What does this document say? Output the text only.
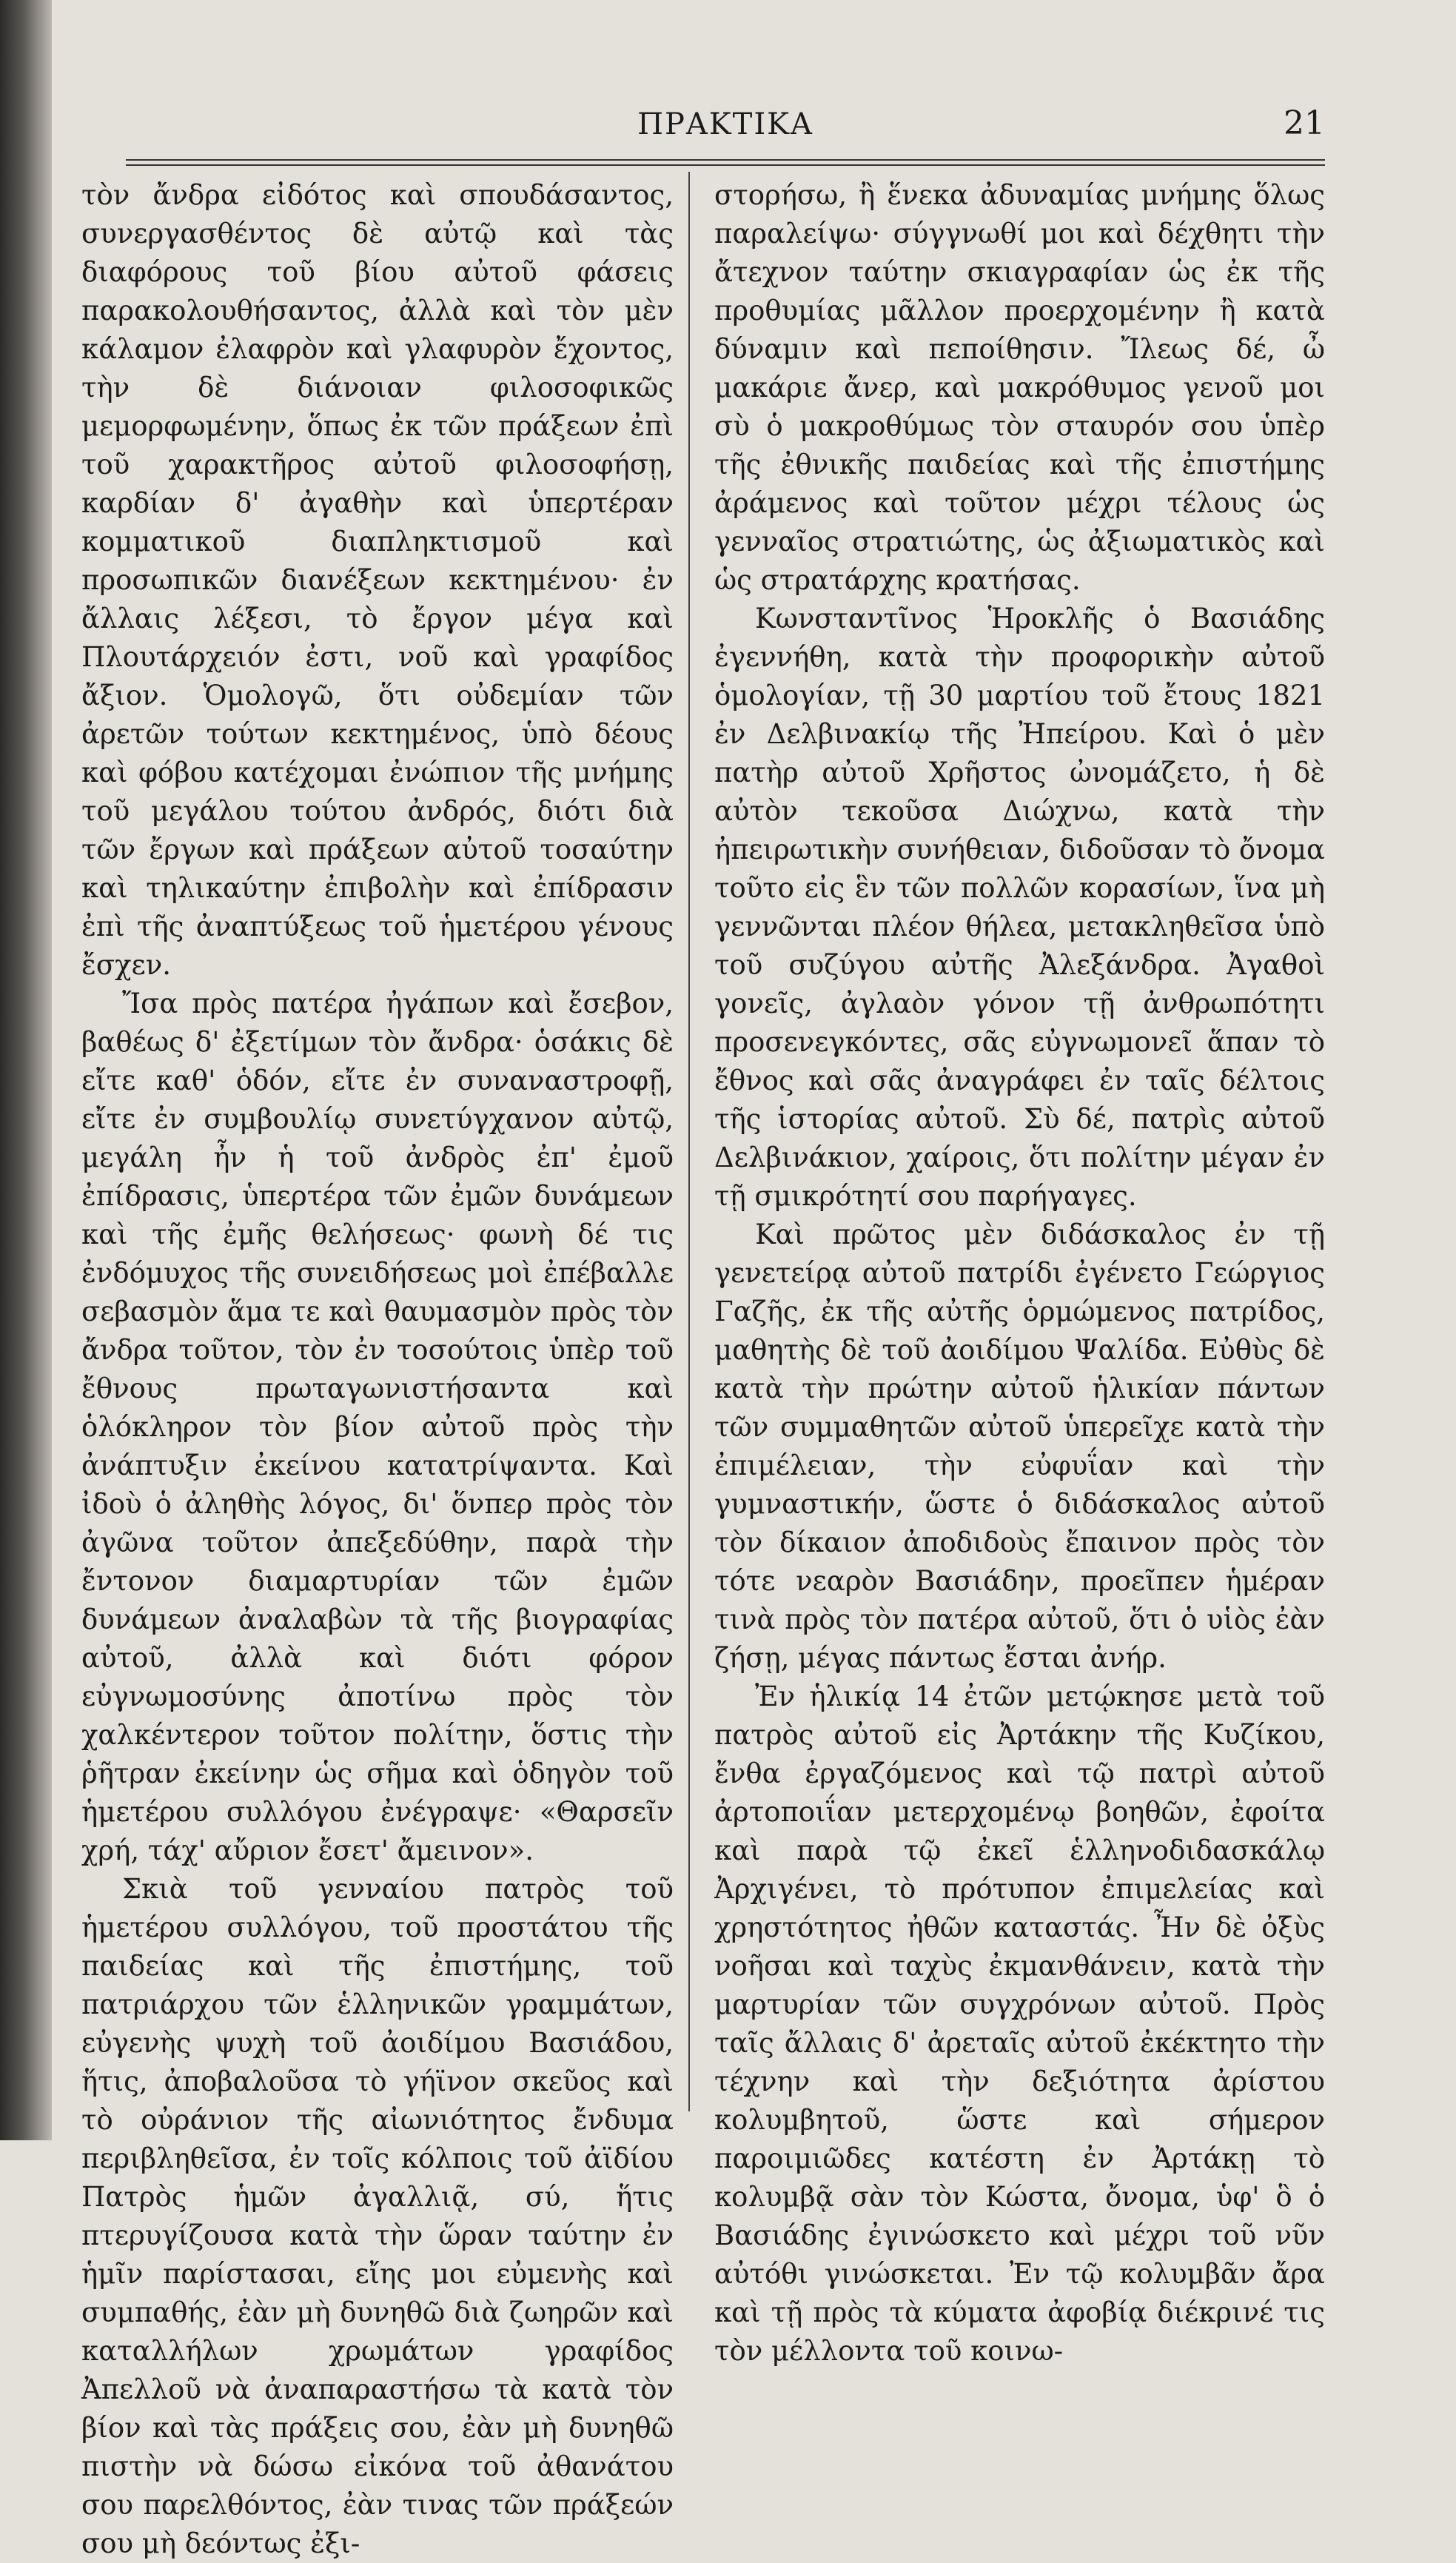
ΠΡΑΚΤΙΚΑ	21

τὸν ἄνδρα εἰδότος καὶ σπουδάσαντος, συνεργασθέντος δὲ αὐτῷ καὶ τὰς διαφόρους τοῦ βίου αὐτοῦ φάσεις παρακολουθήσαντος, ἀλλὰ καὶ τὸν μὲν κάλαμον ἐλαφρὸν καὶ γλαφυρὸν ἔχοντος, τὴν δὲ διάνοιαν φιλοσοφικῶς μεμορφωμένην, ὅπως ἐκ τῶν πράξεων ἐπὶ τοῦ χαρακτῆρος αὐτοῦ φιλοσοφήσῃ, καρδίαν δ' ἀγαθὴν καὶ ὑπερτέραν κομματικοῦ διαπληκτισμοῦ καὶ προσωπικῶν διανέξεων κεκτημένου· ἐν ἄλλαις λέξεσι, τὸ ἔργον μέγα καὶ Πλουτάρχειόν ἐστι, νοῦ καὶ γραφίδος ἄξιον. Ὁμολογῶ, ὅτι οὐδεμίαν τῶν ἀρετῶν τούτων κεκτημένος, ὑπὸ δέους καὶ φόβου κατέχομαι ἐνώπιον τῆς μνήμης τοῦ μεγάλου τούτου ἀνδρός, διότι διὰ τῶν ἔργων καὶ πράξεων αὐτοῦ τοσαύτην καὶ τηλικαύτην ἐπιβολὴν καὶ ἐπίδρασιν ἐπὶ τῆς ἀναπτύξεως τοῦ ἡμετέρου γένους ἔσχεν.

Ἴσα πρὸς πατέρα ἠγάπων καὶ ἔσεβον, βαθέως δ' ἐξετίμων τὸν ἄνδρα· ὁσάκις δὲ εἴτε καθ' ὁδόν, εἴτε ἐν συναναστροφῇ, εἴτε ἐν συμβουλίῳ συνετύγχανον αὐτῷ, μεγάλη ἦν ἡ τοῦ ἀνδρὸς ἐπ' ἐμοῦ ἐπίδρασις, ὑπερτέρα τῶν ἐμῶν δυνάμεων καὶ τῆς ἐμῆς θελήσεως· φωνὴ δέ τις ἐνδόμυχος τῆς συνειδήσεως μοὶ ἐπέβαλλε σεβασμὸν ἅμα τε καὶ θαυμασμὸν πρὸς τὸν ἄνδρα τοῦτον, τὸν ἐν τοσούτοις ὑπὲρ τοῦ ἔθνους πρωταγωνιστήσαντα καὶ ὁλόκληρον τὸν βίον αὐτοῦ πρὸς τὴν ἀνάπτυξιν ἐκείνου κατατρίψαντα. Καὶ ἰδοὺ ὁ ἀληθὴς λόγος, δι' ὅνπερ πρὸς τὸν ἀγῶνα τοῦτον ἀπεξεδύθην, παρὰ τὴν ἔντονον διαμαρτυρίαν τῶν ἐμῶν δυνάμεων ἀναλαβὼν τὰ τῆς βιογραφίας αὐτοῦ, ἀλλὰ καὶ διότι φόρον εὐγνωμοσύνης ἀποτίνω πρὸς τὸν χαλκέντερον τοῦτον πολίτην, ὅστις τὴν ῥῆτραν ἐκείνην ὡς σῆμα καὶ ὁδηγὸν τοῦ ἡμετέρου συλλόγου ἐνέγραψε· «Θαρσεῖν χρή, τάχ' αὔριον ἔσετ' ἄμεινον».

Σκιὰ τοῦ γενναίου πατρὸς τοῦ ἡμετέρου συλλόγου, τοῦ προστάτου τῆς παιδείας καὶ τῆς ἐπιστήμης, τοῦ πατριάρχου τῶν ἑλληνικῶν γραμμάτων, εὐγενὴς ψυχὴ τοῦ ἀοιδίμου Βασιάδου, ἥτις, ἀποβαλοῦσα τὸ γήϊνον σκεῦος καὶ τὸ οὐράνιον τῆς αἰωνιότητος ἔνδυμα περιβληθεῖσα, ἐν τοῖς κόλποις τοῦ ἀϊδίου Πατρὸς ἡμῶν ἀγαλλιᾷ, σύ, ἥτις πτερυγίζουσα κατὰ τὴν ὥραν ταύτην ἐν ἡμῖν παρίστασαι, εἴης μοι εὐμενὴς καὶ συμπαθής, ἐὰν μὴ δυνηθῶ διὰ ζωηρῶν καὶ καταλλήλων χρωμάτων γραφίδος Ἀπελλοῦ νὰ ἀναπαραστήσω τὰ κατὰ τὸν βίον καὶ τὰς πράξεις σου, ἐὰν μὴ δυνηθῶ πιστὴν νὰ δώσω εἰκόνα τοῦ ἀθανάτου σου παρελθόντος, ἐὰν τινας τῶν πράξεών σου μὴ δεόντως ἐξι-

στορήσω, ἢ ἕνεκα ἀδυναμίας μνήμης ὅλως παραλείψω· σύγγνωθί μοι καὶ δέχθητι τὴν ἄτεχνον ταύτην σκιαγραφίαν ὡς ἐκ τῆς προθυμίας μᾶλλον προερχομένην ἢ κατὰ δύναμιν καὶ πεποίθησιν. Ἴλεως δέ, ὦ μακάριε ἄνερ, καὶ μακρόθυμος γενοῦ μοι σὺ ὁ μακροθύμως τὸν σταυρόν σου ὑπὲρ τῆς ἐθνικῆς παιδείας καὶ τῆς ἐπιστήμης ἀράμενος καὶ τοῦτον μέχρι τέλους ὡς γενναῖος στρατιώτης, ὡς ἀξιωματικὸς καὶ ὡς στρατάρχης κρατήσας.

Κωνσταντῖνος Ἡροκλῆς ὁ Βασιάδης ἐγεννήθη, κατὰ τὴν προφορικὴν αὐτοῦ ὁμολογίαν, τῇ 30 μαρτίου τοῦ ἔτους 1821 ἐν Δελβινακίῳ τῆς Ἠπείρου. Καὶ ὁ μὲν πατὴρ αὐτοῦ Χρῆστος ὠνομάζετο, ἡ δὲ αὐτὸν τεκοῦσα Διώχνω, κατὰ τὴν ἠπειρωτικὴν συνήθειαν, διδοῦσαν τὸ ὄνομα τοῦτο εἰς ἓν τῶν πολλῶν κορασίων, ἵνα μὴ γεννῶνται πλέον θήλεα, μετακληθεῖσα ὑπὸ τοῦ συζύγου αὐτῆς Ἀλεξάνδρα. Ἀγαθοὶ γονεῖς, ἀγλαὸν γόνον τῇ ἀνθρωπότητι προσενεγκόντες, σᾶς εὐγνωμονεῖ ἅπαν τὸ ἔθνος καὶ σᾶς ἀναγράφει ἐν ταῖς δέλτοις τῆς ἱστορίας αὐτοῦ. Σὺ δέ, πατρὶς αὐτοῦ Δελβινάκιον, χαίροις, ὅτι πολίτην μέγαν ἐν τῇ σμικρότητί σου παρήγαγες.

Καὶ πρῶτος μὲν διδάσκαλος ἐν τῇ γενετείρᾳ αὐτοῦ πατρίδι ἐγένετο Γεώργιος Γαζῆς, ἐκ τῆς αὐτῆς ὁρμώμενος πατρίδος, μαθητὴς δὲ τοῦ ἀοιδίμου Ψαλίδα. Εὐθὺς δὲ κατὰ τὴν πρώτην αὐτοῦ ἡλικίαν πάντων τῶν συμμαθητῶν αὐτοῦ ὑπερεῖχε κατὰ τὴν ἐπιμέλειαν, τὴν εὐφυΐαν καὶ τὴν γυμναστικήν, ὥστε ὁ διδάσκαλος αὐτοῦ τὸν δίκαιον ἀποδιδοὺς ἔπαινον πρὸς τὸν τότε νεαρὸν Βασιάδην, προεῖπεν ἡμέραν τινὰ πρὸς τὸν πατέρα αὐτοῦ, ὅτι ὁ υἱὸς ἐὰν ζήσῃ, μέγας πάντως ἔσται ἀνήρ.

Ἐν ἡλικίᾳ 14 ἐτῶν μετῴκησε μετὰ τοῦ πατρὸς αὐτοῦ εἰς Ἀρτάκην τῆς Κυζίκου, ἔνθα ἐργαζόμενος καὶ τῷ πατρὶ αὐτοῦ ἀρτοποιΐαν μετερχομένῳ βοηθῶν, ἐφοίτα καὶ παρὰ τῷ ἐκεῖ ἑλληνοδιδασκάλῳ Ἀρχιγένει, τὸ πρότυπον ἐπιμελείας καὶ χρηστότητος ἠθῶν καταστάς. Ἦν δὲ ὀξὺς νοῆσαι καὶ ταχὺς ἐκμανθάνειν, κατὰ τὴν μαρτυρίαν τῶν συγχρόνων αὐτοῦ. Πρὸς ταῖς ἄλλαις δ' ἀρεταῖς αὐτοῦ ἐκέκτητο τὴν τέχνην καὶ τὴν δεξιότητα ἀρίστου κολυμβητοῦ, ὥστε καὶ σήμερον παροιμιῶδες κατέστη ἐν Ἀρτάκῃ τὸ κολυμβᾷ σὰν τὸν Κώστα, ὄνομα, ὑφ' ὃ ὁ Βασιάδης ἐγινώσκετο καὶ μέχρι τοῦ νῦν αὐτόθι γινώσκεται. Ἐν τῷ κολυμβᾶν ἄρα καὶ τῇ πρὸς τὰ κύματα ἀφοβίᾳ διέκρινέ τις τὸν μέλλοντα τοῦ κοινω-
